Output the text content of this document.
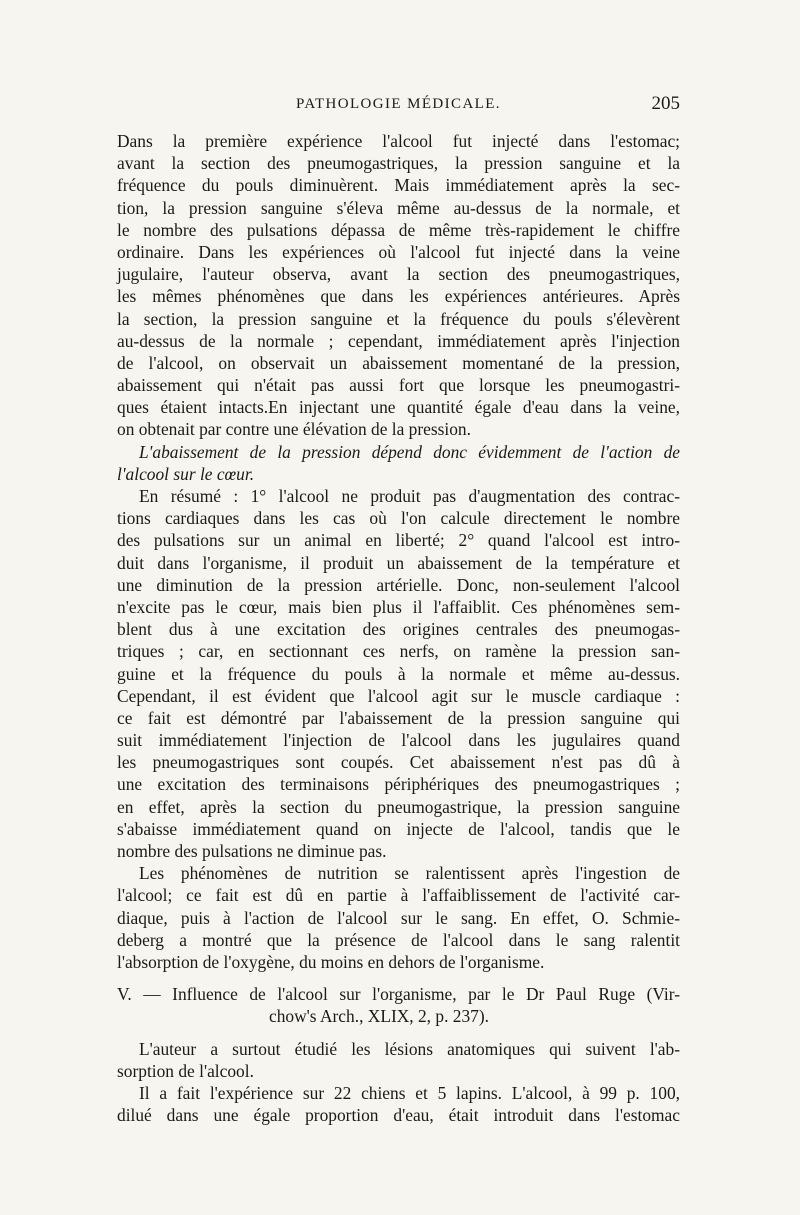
PATHOLOGIE MÉDICALE.	205
Dans la première expérience l'alcool fut injecté dans l'estomac;
avant la section des pneumogastriques, la pression sanguine et la
fréquence du pouls diminuèrent. Mais immédiatement après la sec-
tion, la pression sanguine s'éleva même au-dessus de la normale, et
le nombre des pulsations dépassa de même très-rapidement le chiffre
ordinaire. Dans les expériences où l'alcool fut injecté dans la veine
jugulaire, l'auteur observa, avant la section des pneumogastriques,
les mêmes phénomènes que dans les expériences antérieures. Après
la section, la pression sanguine et la fréquence du pouls s'élevèrent
au-dessus de la normale ; cependant, immédiatement après l'injection
de l'alcool, on observait un abaissement momentané de la pression,
abaissement qui n'était pas aussi fort que lorsque les pneumogastri-
ques étaient intacts.En injectant une quantité égale d'eau dans la veine,
on obtenait par contre une élévation de la pression.
L'abaissement de la pression dépend donc évidemment de l'action de
l'alcool sur le cœur.
En résumé : 1° l'alcool ne produit pas d'augmentation des contrac-
tions cardiaques dans les cas où l'on calcule directement le nombre
des pulsations sur un animal en liberté; 2° quand l'alcool est intro-
duit dans l'organisme, il produit un abaissement de la température et
une diminution de la pression artérielle. Donc, non-seulement l'alcool
n'excite pas le cœur, mais bien plus il l'affaiblit. Ces phénomènes sem-
blent dus à une excitation des origines centrales des pneumogas-
triques ; car, en sectionnant ces nerfs, on ramène la pression san-
guine et la fréquence du pouls à la normale et même au-dessus.
Cependant, il est évident que l'alcool agit sur le muscle cardiaque :
ce fait est démontré par l'abaissement de la pression sanguine qui
suit immédiatement l'injection de l'alcool dans les jugulaires quand
les pneumogastriques sont coupés. Cet abaissement n'est pas dû à
une excitation des terminaisons périphériques des pneumogastriques ;
en effet, après la section du pneumogastrique, la pression sanguine
s'abaisse immédiatement quand on injecte de l'alcool, tandis que le
nombre des pulsations ne diminue pas.
Les phénomènes de nutrition se ralentissent après l'ingestion de
l'alcool; ce fait est dû en partie à l'affaiblissement de l'activité car-
diaque, puis à l'action de l'alcool sur le sang. En effet, O. Schmie-
deberg a montré que la présence de l'alcool dans le sang ralentit
l'absorption de l'oxygène, du moins en dehors de l'organisme.
V. — Influence de l'alcool sur l'organisme, par le Dr Paul Ruge (Vir-
chow's Arch., XLIX, 2, p. 237).
L'auteur a surtout étudié les lésions anatomiques qui suivent l'ab-
sorption de l'alcool.
Il a fait l'expérience sur 22 chiens et 5 lapins. L'alcool, à 99 p. 100,
dilué dans une égale proportion d'eau, était introduit dans l'estomac
